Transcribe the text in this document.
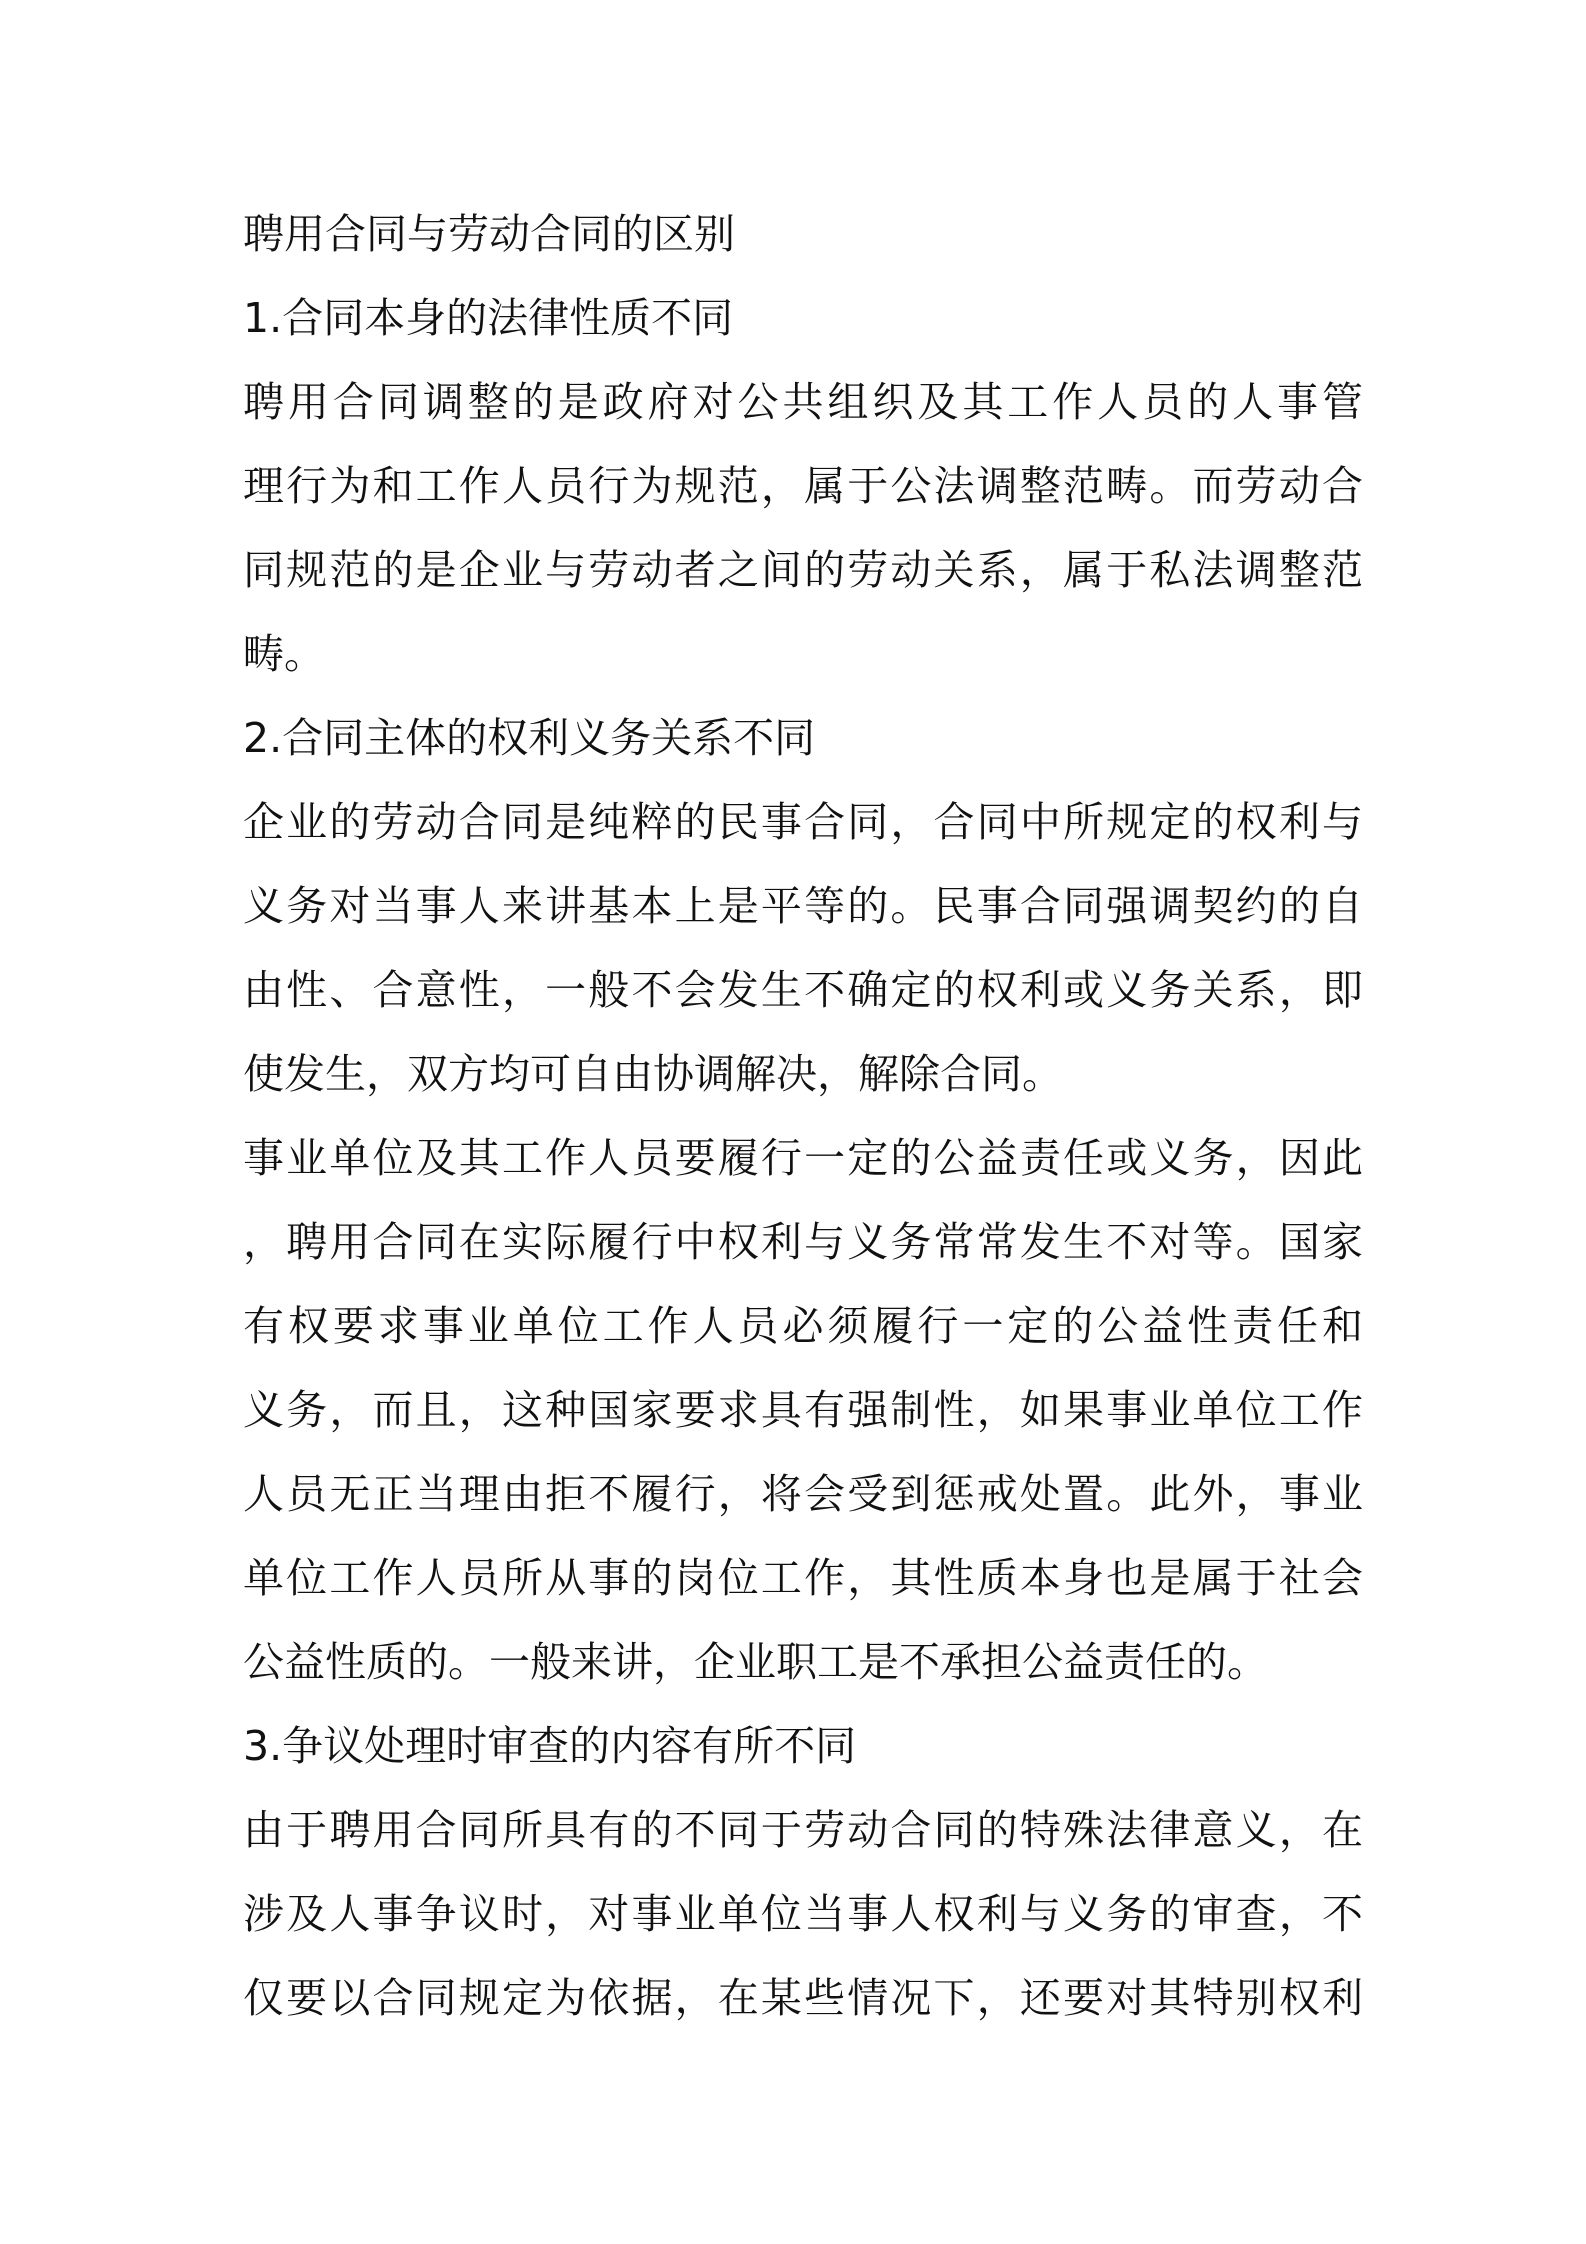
聘用合同与劳动合同的区别
1.合同本身的法律性质不同
聘用合同调整的是政府对公共组织及其工作人员的人事管
理行为和工作人员行为规范，属于公法调整范畴。而劳动合
同规范的是企业与劳动者之间的劳动关系，属于私法调整范
畴。
2.合同主体的权利义务关系不同
企业的劳动合同是纯粹的民事合同，合同中所规定的权利与
义务对当事人来讲基本上是平等的。民事合同强调契约的自
由性、合意性，一般不会发生不确定的权利或义务关系，即
使发生，双方均可自由协调解决，解除合同。
事业单位及其工作人员要履行一定的公益责任或义务，因此
，聘用合同在实际履行中权利与义务常常发生不对等。国家
有权要求事业单位工作人员必须履行一定的公益性责任和
义务，而且，这种国家要求具有强制性，如果事业单位工作
人员无正当理由拒不履行，将会受到惩戒处置。此外，事业
单位工作人员所从事的岗位工作，其性质本身也是属于社会
公益性质的。一般来讲，企业职工是不承担公益责任的。
3.争议处理时审查的内容有所不同
由于聘用合同所具有的不同于劳动合同的特殊法律意义，在
涉及人事争议时，对事业单位当事人权利与义务的审查，不
仅要以合同规定为依据，在某些情况下，还要对其特别权利
